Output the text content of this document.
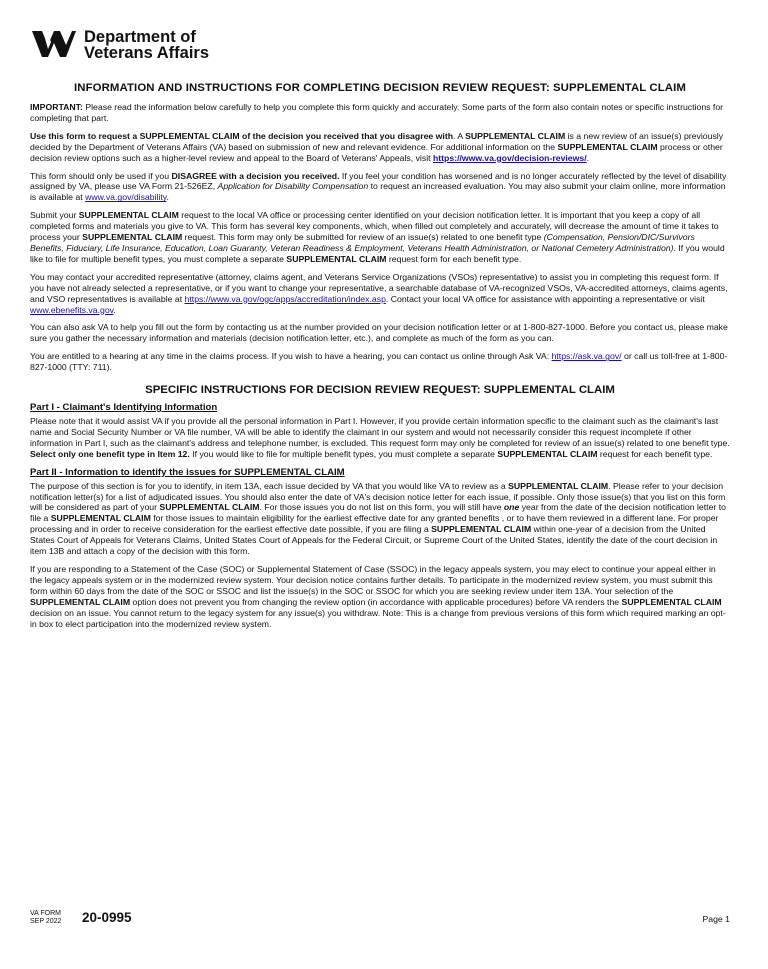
Department of
Veterans Affairs
INFORMATION AND INSTRUCTIONS FOR COMPLETING DECISION REVIEW REQUEST: SUPPLEMENTAL CLAIM

IMPORTANT: Please read the information below carefully to help you complete this form quickly and accurately. Some parts of the form also contain notes or specific instructions for completing that part.

Use this form to request a SUPPLEMENTAL CLAIM of the decision you received that you disagree with. A SUPPLEMENTAL CLAIM is a new review of an issue(s) previously decided by the Department of Veterans Affairs (VA) based on submission of new and relevant evidence. For additional information on the SUPPLEMENTAL CLAIM process or other decision review options such as a higher-level review and appeal to the Board of Veterans' Appeals, visit https://www.va.gov/decision-reviews/.

This form should only be used if you DISAGREE with a decision you received. If you feel your condition has worsened and is no longer accurately reflected by the level of disability assigned by VA, please use VA Form 21-526EZ, Application for Disability Compensation to request an increased evaluation. You may also submit your claim online, more information is available at www.va.gov/disability.

Submit your SUPPLEMENTAL CLAIM request to the local VA office or processing center identified on your decision notification letter. It is important that you keep a copy of all completed forms and materials you give to VA. This form has several key components, which, when filled out completely and accurately, will decrease the amount of time it takes to process your SUPPLEMENTAL CLAIM request. This form may only be submitted for review of an issue(s) related to one benefit type (Compensation, Pension/DIC/Survivors Benefits, Fiduciary, Life Insurance, Education, Loan Guaranty, Veteran Readiness & Employment, Veterans Health Administration, or National Cemetery Administration). If you would like to file for multiple benefit types, you must complete a separate SUPPLEMENTAL CLAIM request form for each benefit type.

You may contact your accredited representative (attorney, claims agent, and Veterans Service Organizations (VSOs) representative) to assist you in completing this request form. If you have not already selected a representative, or if you want to change your representative, a searchable database of VA-recognized VSOs, VA-accredited attorneys, claims agents, and VSO representatives is available at https://www.va.gov/ogc/apps/accreditation/index.asp. Contact your local VA office for assistance with appointing a representative or visit www.ebenefits.va.gov.

You can also ask VA to help you fill out the form by contacting us at the number provided on your decision notification letter or at 1-800-827-1000. Before you contact us, please make sure you gather the necessary information and materials (decision notification letter, etc.), and complete as much of the form as you can.

You are entitled to a hearing at any time in the claims process. If you wish to have a hearing, you can contact us online through Ask VA: https://ask.va.gov/ or call us toll-free at 1-800-827-1000 (TTY: 711).

SPECIFIC INSTRUCTIONS FOR DECISION REVIEW REQUEST: SUPPLEMENTAL CLAIM
Part I - Claimant's Identifying Information

Please note that it would assist VA if you provide all the personal information in Part I. However, if you provide certain information specific to the claimant such as the claimant's last name and Social Security Number or VA file number, VA will be able to identify the claimant in our system and would not necessarily consider this request incomplete if other information in Part I, such as the claimant's address and telephone number, is excluded. This request form may only be completed for review of an issue(s) related to one benefit type. Select only one benefit type in Item 12. If you would like to file for multiple benefit types, you must complete a separate SUPPLEMENTAL CLAIM request for each benefit type.

Part II - Information to identify the issues for SUPPLEMENTAL CLAIM

The purpose of this section is for you to identify, in item 13A, each issue decided by VA that you would like VA to review as a SUPPLEMENTAL CLAIM. Please refer to your decision notification letter(s) for a list of adjudicated issues. You should also enter the date of VA's decision notice letter for each issue, if possible. Only those issue(s) that you list on this form will be considered as part of your SUPPLEMENTAL CLAIM. For those issues you do not list on this form, you will still have one year from the date of the decision notification letter to file a SUPPLEMENTAL CLAIM for those issues to maintain eligibility for the earliest effective date for any granted benefits , or to have them reviewed in a different lane. For proper processing and in order to receive consideration for the earliest effective date possible, if you are filing a SUPPLEMENTAL CLAIM within one-year of a decision from the United States Court of Appeals for Veterans Claims, United States Court of Appeals for the Federal Circuit, or Supreme Court of the United States, identify the date of the court decision in item 13B and attach a copy of the decision with this form.

If you are responding to a Statement of the Case (SOC) or Supplemental Statement of Case (SSOC) in the legacy appeals system, you may elect to continue your appeal either in the legacy appeals system or in the modernized review system. Your decision notice contains further details. To participate in the modernized review system, you must submit this form within 60 days from the date of the SOC or SSOC and list the issue(s) in the SOC or SSOC for which you are seeking review under item 13A. Your selection of the SUPPLEMENTAL CLAIM option does not prevent you from changing the review option (in accordance with applicable procedures) before VA renders the SUPPLEMENTAL CLAIM decision on an issue. You cannot return to the legacy system for any issue(s) you withdraw. Note: This is a change from previous versions of this form which required marking an opt-in box to elect participation into the modernized review system.

VA FORM
SEP 2022 20-0995	Page 1
